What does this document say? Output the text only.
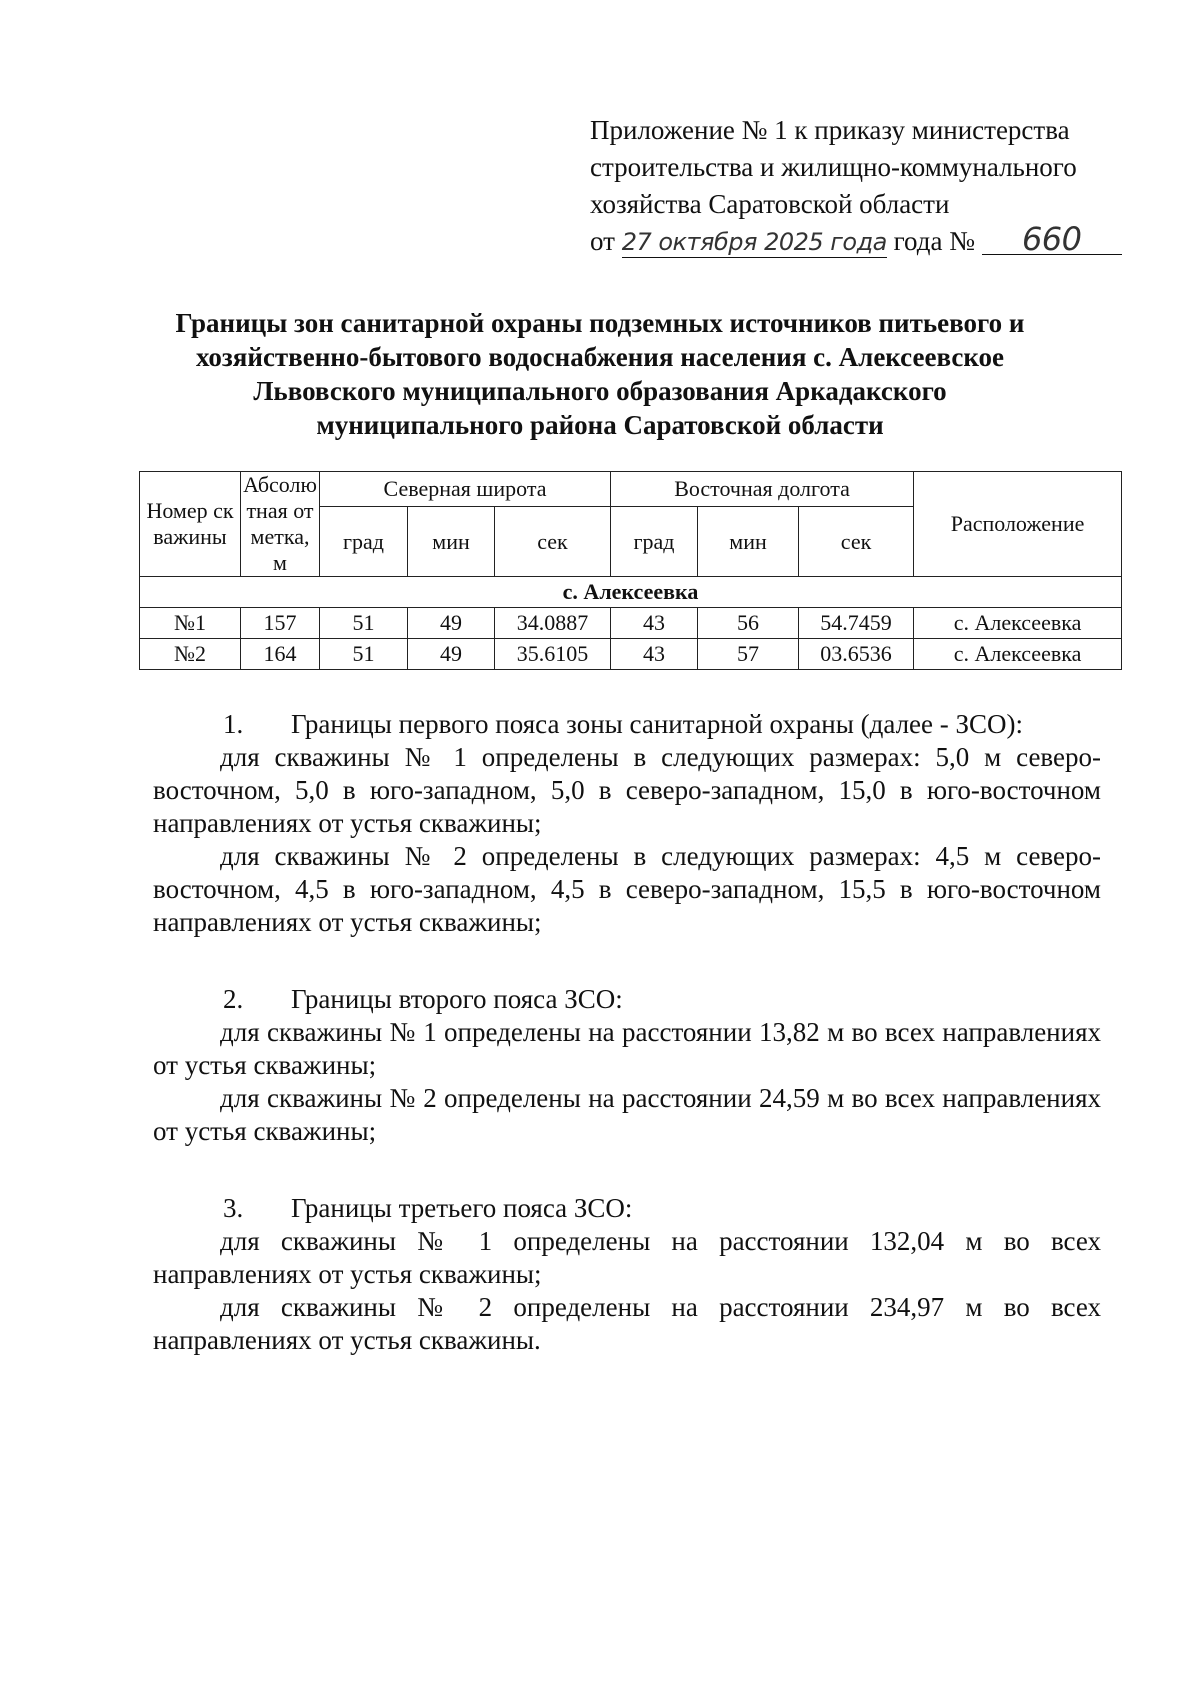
Приложение № 1 к приказу министерства
строительства и жилищно-коммунального
хозяйства Саратовской области
от 27 октября 2025 года года № 660
Границы зон санитарной охраны подземных источников питьевого и
хозяйственно-бытового водоснабжения населения с. Алексеевское
Львовского муниципального образования Аркадакского
муниципального района Саратовской области
Номер скважины	Абсолютная отметка, м	Северная широта			Восточная долгота			Расположение
		град	мин	сек	град	мин	сек	
с. Алексеевка								
№1	157	51	49	34.0887	43	56	54.7459	с. Алексеевка
№2	164	51	49	35.6105	43	57	03.6536	с. Алексеевка
1. Границы первого пояса зоны санитарной охраны (далее - ЗСО):

для скважины № 1 определены в следующих размерах: 5,0 м северо-восточном, 5,0 в юго-западном, 5,0 в северо-западном, 15,0 в юго-восточном направлениях от устья скважины;

для скважины № 2 определены в следующих размерах: 4,5 м северо-восточном, 4,5 в юго-западном, 4,5 в северо-западном, 15,5 в юго-восточном направлениях от устья скважины;

2. Границы второго пояса ЗСО:

для скважины № 1 определены на расстоянии 13,82 м во всех направлениях от устья скважины;

для скважины № 2 определены на расстоянии 24,59 м во всех направлениях от устья скважины;

3. Границы третьего пояса ЗСО:

для скважины № 1 определены на расстоянии 132,04 м во всех направлениях от устья скважины;

для скважины № 2 определены на расстоянии 234,97 м во всех направлениях от устья скважины.
